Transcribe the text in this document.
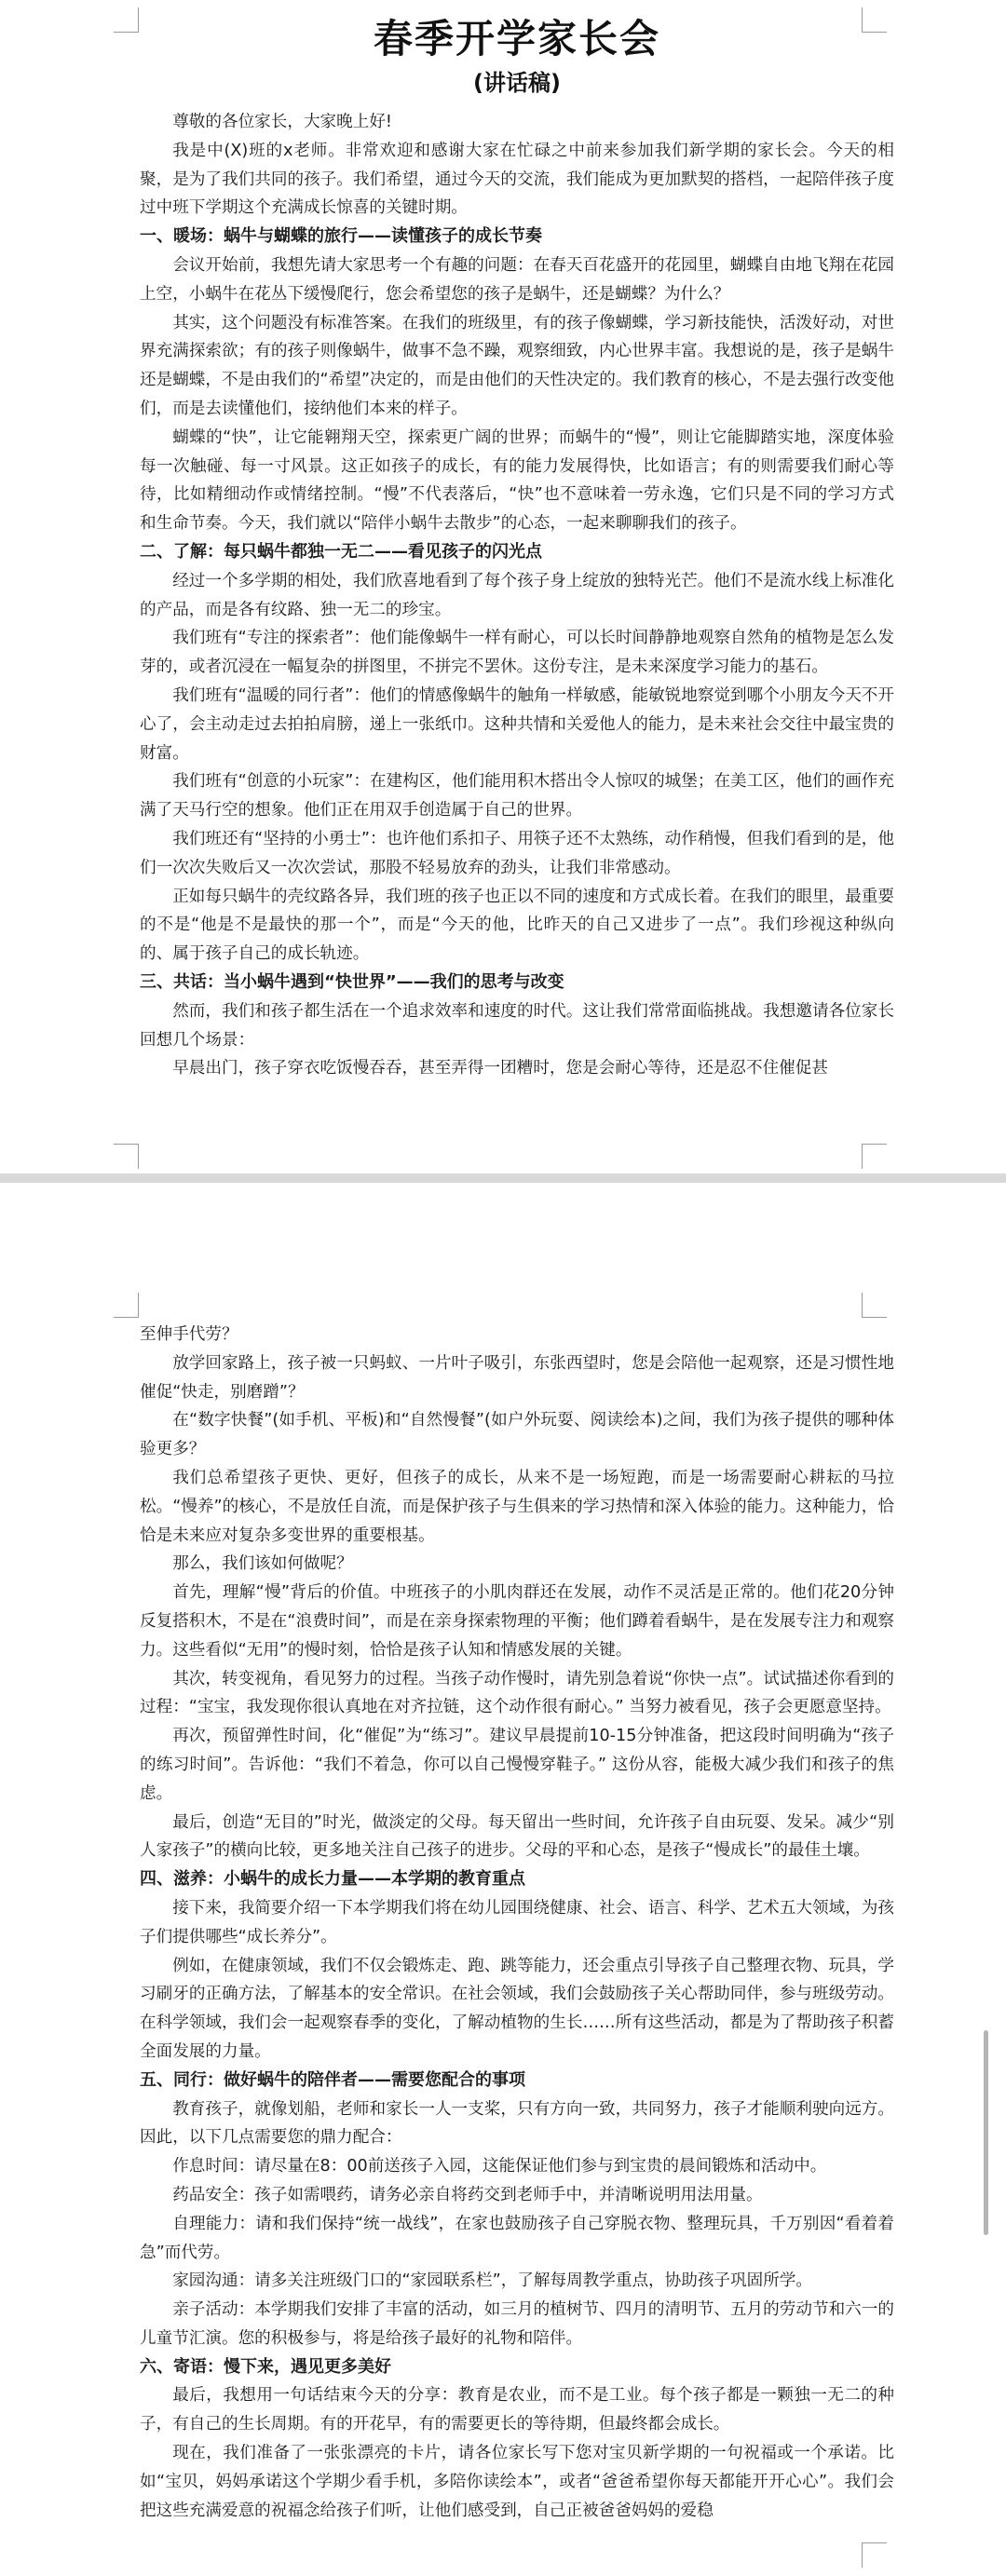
春季开学家长会
(讲话稿)

尊敬的各位家长，大家晚上好!

我是中(X)班的x老师。非常欢迎和感谢大家在忙碌之中前来参加我们新学期的家长会。今天的相聚，是为了我们共同的孩子。我们希望，通过今天的交流，我们能成为更加默契的搭档，一起陪伴孩子度过中班下学期这个充满成长惊喜的关键时期。

一、暖场：蜗牛与蝴蝶的旅行——读懂孩子的成长节奏

会议开始前，我想先请大家思考一个有趣的问题：在春天百花盛开的花园里，蝴蝶自由地飞翔在花园上空，小蜗牛在花丛下缓慢爬行，您会希望您的孩子是蜗牛，还是蝴蝶？为什么？

其实，这个问题没有标准答案。在我们的班级里，有的孩子像蝴蝶，学习新技能快，活泼好动，对世界充满探索欲；有的孩子则像蜗牛，做事不急不躁，观察细致，内心世界丰富。我想说的是，孩子是蜗牛还是蝴蝶，不是由我们的“希望”决定的，而是由他们的天性决定的。我们教育的核心，不是去强行改变他们，而是去读懂他们，接纳他们本来的样子。

蝴蝶的“快”，让它能翱翔天空，探索更广阔的世界；而蜗牛的“慢”，则让它能脚踏实地，深度体验每一次触碰、每一寸风景。这正如孩子的成长，有的能力发展得快，比如语言；有的则需要我们耐心等待，比如精细动作或情绪控制。“慢”不代表落后，“快”也不意味着一劳永逸，它们只是不同的学习方式和生命节奏。今天，我们就以“陪伴小蜗牛去散步”的心态，一起来聊聊我们的孩子。

二、了解：每只蜗牛都独一无二——看见孩子的闪光点

经过一个多学期的相处，我们欣喜地看到了每个孩子身上绽放的独特光芒。他们不是流水线上标准化的产品，而是各有纹路、独一无二的珍宝。

我们班有“专注的探索者”：他们能像蜗牛一样有耐心，可以长时间静静地观察自然角的植物是怎么发芽的，或者沉浸在一幅复杂的拼图里，不拼完不罢休。这份专注，是未来深度学习能力的基石。

我们班有“温暖的同行者”：他们的情感像蜗牛的触角一样敏感，能敏锐地察觉到哪个小朋友今天不开心了，会主动走过去拍拍肩膀，递上一张纸巾。这种共情和关爱他人的能力，是未来社会交往中最宝贵的财富。

我们班有“创意的小玩家”：在建构区，他们能用积木搭出令人惊叹的城堡；在美工区，他们的画作充满了天马行空的想象。他们正在用双手创造属于自己的世界。

我们班还有“坚持的小勇士”：也许他们系扣子、用筷子还不太熟练，动作稍慢，但我们看到的是，他们一次次失败后又一次次尝试，那股不轻易放弃的劲头，让我们非常感动。

正如每只蜗牛的壳纹路各异，我们班的孩子也正以不同的速度和方式成长着。在我们的眼里，最重要的不是“他是不是最快的那一个”，而是“今天的他，比昨天的自己又进步了一点”。我们珍视这种纵向的、属于孩子自己的成长轨迹。

三、共话：当小蜗牛遇到“快世界”——我们的思考与改变

然而，我们和孩子都生活在一个追求效率和速度的时代。这让我们常常面临挑战。我想邀请各位家长回想几个场景：

早晨出门，孩子穿衣吃饭慢吞吞，甚至弄得一团糟时，您是会耐心等待，还是忍不住催促甚

至伸手代劳？

放学回家路上，孩子被一只蚂蚁、一片叶子吸引，东张西望时，您是会陪他一起观察，还是习惯性地催促“快走，别磨蹭”？

在“数字快餐”(如手机、平板)和“自然慢餐”(如户外玩耍、阅读绘本)之间，我们为孩子提供的哪种体验更多？

我们总希望孩子更快、更好，但孩子的成长，从来不是一场短跑，而是一场需要耐心耕耘的马拉松。“慢养”的核心，不是放任自流，而是保护孩子与生俱来的学习热情和深入体验的能力。这种能力，恰恰是未来应对复杂多变世界的重要根基。

那么，我们该如何做呢？

首先，理解“慢”背后的价值。中班孩子的小肌肉群还在发展，动作不灵活是正常的。他们花20分钟反复搭积木，不是在“浪费时间”，而是在亲身探索物理的平衡；他们蹲着看蜗牛，是在发展专注力和观察力。这些看似“无用”的慢时刻，恰恰是孩子认知和情感发展的关键。

其次，转变视角，看见努力的过程。当孩子动作慢时，请先别急着说“你快一点”。试试描述你看到的过程：“宝宝，我发现你很认真地在对齐拉链，这个动作很有耐心。” 当努力被看见，孩子会更愿意坚持。

再次，预留弹性时间，化“催促”为“练习”。建议早晨提前10-15分钟准备，把这段时间明确为“孩子的练习时间”。告诉他：“我们不着急，你可以自己慢慢穿鞋子。” 这份从容，能极大减少我们和孩子的焦虑。

最后，创造“无目的”时光，做淡定的父母。每天留出一些时间，允许孩子自由玩耍、发呆。减少“别人家孩子”的横向比较，更多地关注自己孩子的进步。父母的平和心态，是孩子“慢成长”的最佳土壤。

四、滋养：小蜗牛的成长力量——本学期的教育重点

接下来，我简要介绍一下本学期我们将在幼儿园围绕健康、社会、语言、科学、艺术五大领域，为孩子们提供哪些“成长养分”。

例如，在健康领域，我们不仅会锻炼走、跑、跳等能力，还会重点引导孩子自己整理衣物、玩具，学习刷牙的正确方法，了解基本的安全常识。在社会领域，我们会鼓励孩子关心帮助同伴，参与班级劳动。在科学领域，我们会一起观察春季的变化，了解动植物的生长……所有这些活动，都是为了帮助孩子积蓄全面发展的力量。

五、同行：做好蜗牛的陪伴者——需要您配合的事项

教育孩子，就像划船，老师和家长一人一支桨，只有方向一致，共同努力，孩子才能顺利驶向远方。因此，以下几点需要您的鼎力配合：

作息时间：请尽量在8：00前送孩子入园，这能保证他们参与到宝贵的晨间锻炼和活动中。

药品安全：孩子如需喂药，请务必亲自将药交到老师手中，并清晰说明用法用量。

自理能力：请和我们保持“统一战线”，在家也鼓励孩子自己穿脱衣物、整理玩具，千万别因“看着着急”而代劳。

家园沟通：请多关注班级门口的“家园联系栏”，了解每周教学重点，协助孩子巩固所学。

亲子活动：本学期我们安排了丰富的活动，如三月的植树节、四月的清明节、五月的劳动节和六一的儿童节汇演。您的积极参与，将是给孩子最好的礼物和陪伴。

六、寄语：慢下来，遇见更多美好

最后，我想用一句话结束今天的分享：教育是农业，而不是工业。每个孩子都是一颗独一无二的种子，有自己的生长周期。有的开花早，有的需要更长的等待期，但最终都会成长。

现在，我们准备了一张张漂亮的卡片，请各位家长写下您对宝贝新学期的一句祝福或一个承诺。比如“宝贝，妈妈承诺这个学期少看手机，多陪你读绘本”，或者“爸爸希望你每天都能开开心心”。我们会把这些充满爱意的祝福念给孩子们听，让他们感受到，自己正被爸爸妈妈的爱稳
